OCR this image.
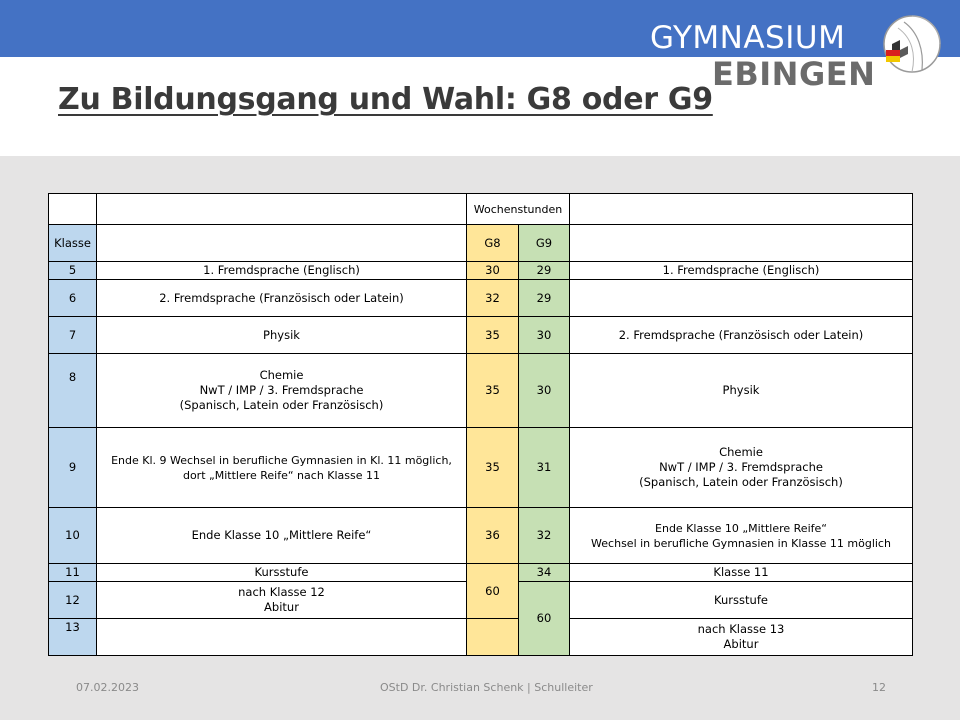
Zu Bildungsgang und Wahl: G8 oder G9
GYMNASIUM
EBINGEN
		Wochenstunden		
Klasse		G8	G9	
5	1. Fremdsprache (Englisch)	30	29	1. Fremdsprache (Englisch)
6	2. Fremdsprache (Französisch oder Latein)	32	29	
7	Physik	35	30	2. Fremdsprache (Französisch oder Latein)
8	Chemie
NwT / IMP / 3. Fremdsprache
(Spanisch, Latein oder Französisch)	35	30	Physik
9	Ende Kl. 9 Wechsel in berufliche Gymnasien in Kl. 11 möglich,
dort „Mittlere Reife“ nach Klasse 11	35	31	Chemie
NwT / IMP / 3. Fremdsprache
(Spanisch, Latein oder Französisch)
10	Ende Klasse 10 „Mittlere Reife“	36	32	Ende Klasse 10 „Mittlere Reife“
Wechsel in berufliche Gymnasien in Klasse 11 möglich
11	Kursstufe	60	34	Klasse 11
12	nach Klasse 12
Abitur		60	Kursstufe
13				nach Klasse 13
Abitur
07.02.2023	OStD Dr. Christian Schenk | Schulleiter	12
